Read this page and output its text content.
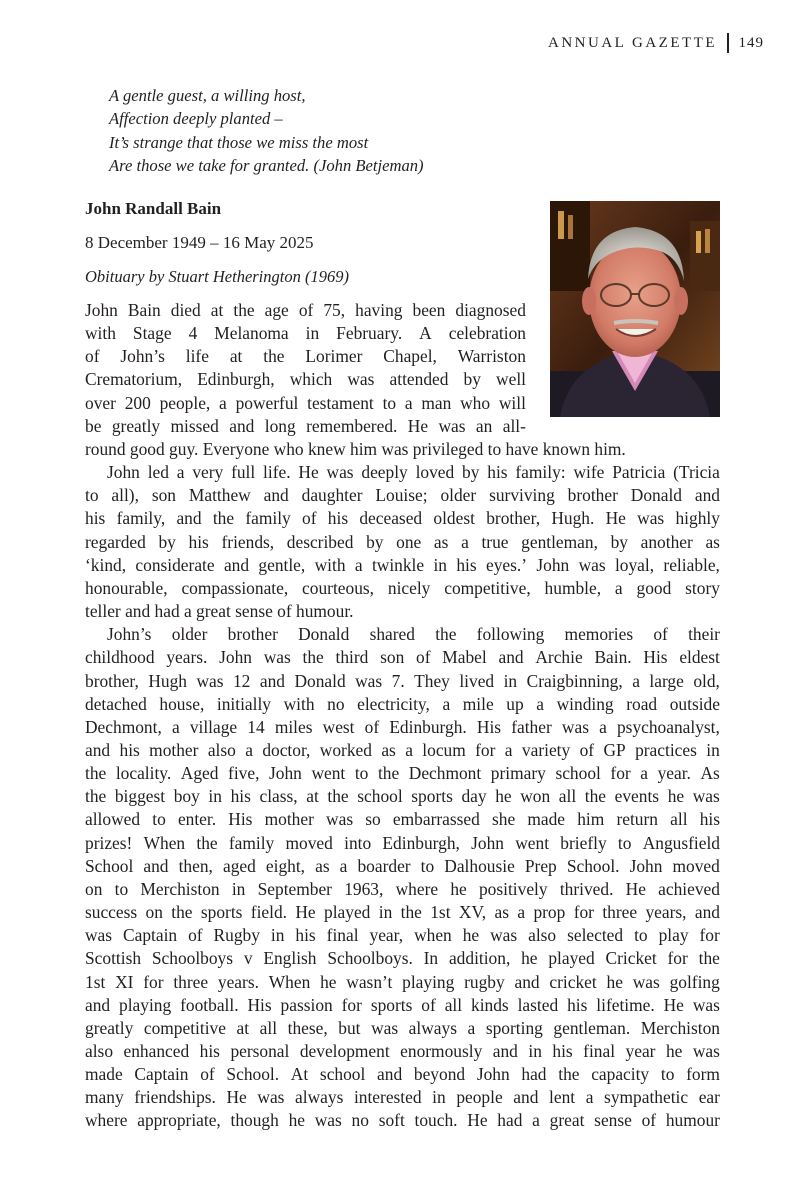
ANNUAL GAZETTE 149
A gentle guest, a willing host,
Affection deeply planted –
It’s strange that those we miss the most
Are those we take for granted. (John Betjeman)
John Randall Bain
8 December 1949 – 16 May 2025
Obituary by Stuart Hetherington (1969)
John Bain died at the age of 75, having been diagnosed
with Stage 4 Melanoma in February. A celebration
of John’s life at the Lorimer Chapel, Warriston
Crematorium, Edinburgh, which was attended by well
over 200 people, a powerful testament to a man who will
be greatly missed and long remembered. He was an all-
round good guy. Everyone who knew him was privileged to have known him.
John led a very full life. He was deeply loved by his family: wife Patricia (Tricia
to all), son Matthew and daughter Louise; older surviving brother Donald and
his family, and the family of his deceased oldest brother, Hugh. He was highly
regarded by his friends, described by one as a true gentleman, by another as
‘kind, considerate and gentle, with a twinkle in his eyes.’ John was loyal, reliable,
honourable, compassionate, courteous, nicely competitive, humble, a good story
teller and had a great sense of humour.
John’s older brother Donald shared the following memories of their
childhood years. John was the third son of Mabel and Archie Bain. His eldest
brother, Hugh was 12 and Donald was 7. They lived in Craigbinning, a large old,
detached house, initially with no electricity, a mile up a winding road outside
Dechmont, a village 14 miles west of Edinburgh. His father was a psychoanalyst,
and his mother also a doctor, worked as a locum for a variety of GP practices in
the locality. Aged five, John went to the Dechmont primary school for a year. As
the biggest boy in his class, at the school sports day he won all the events he was
allowed to enter. His mother was so embarrassed she made him return all his
prizes! When the family moved into Edinburgh, John went briefly to Angusfield
School and then, aged eight, as a boarder to Dalhousie Prep School. John moved
on to Merchiston in September 1963, where he positively thrived. He achieved
success on the sports field. He played in the 1st XV, as a prop for three years, and
was Captain of Rugby in his final year, when he was also selected to play for
Scottish Schoolboys v English Schoolboys. In addition, he played Cricket for the
1st XI for three years. When he wasn’t playing rugby and cricket he was golfing
and playing football. His passion for sports of all kinds lasted his lifetime. He was
greatly competitive at all these, but was always a sporting gentleman. Merchiston
also enhanced his personal development enormously and in his final year he was
made Captain of School. At school and beyond John had the capacity to form
many friendships. He was always interested in people and lent a sympathetic ear
where appropriate, though he was no soft touch. He had a great sense of humour
